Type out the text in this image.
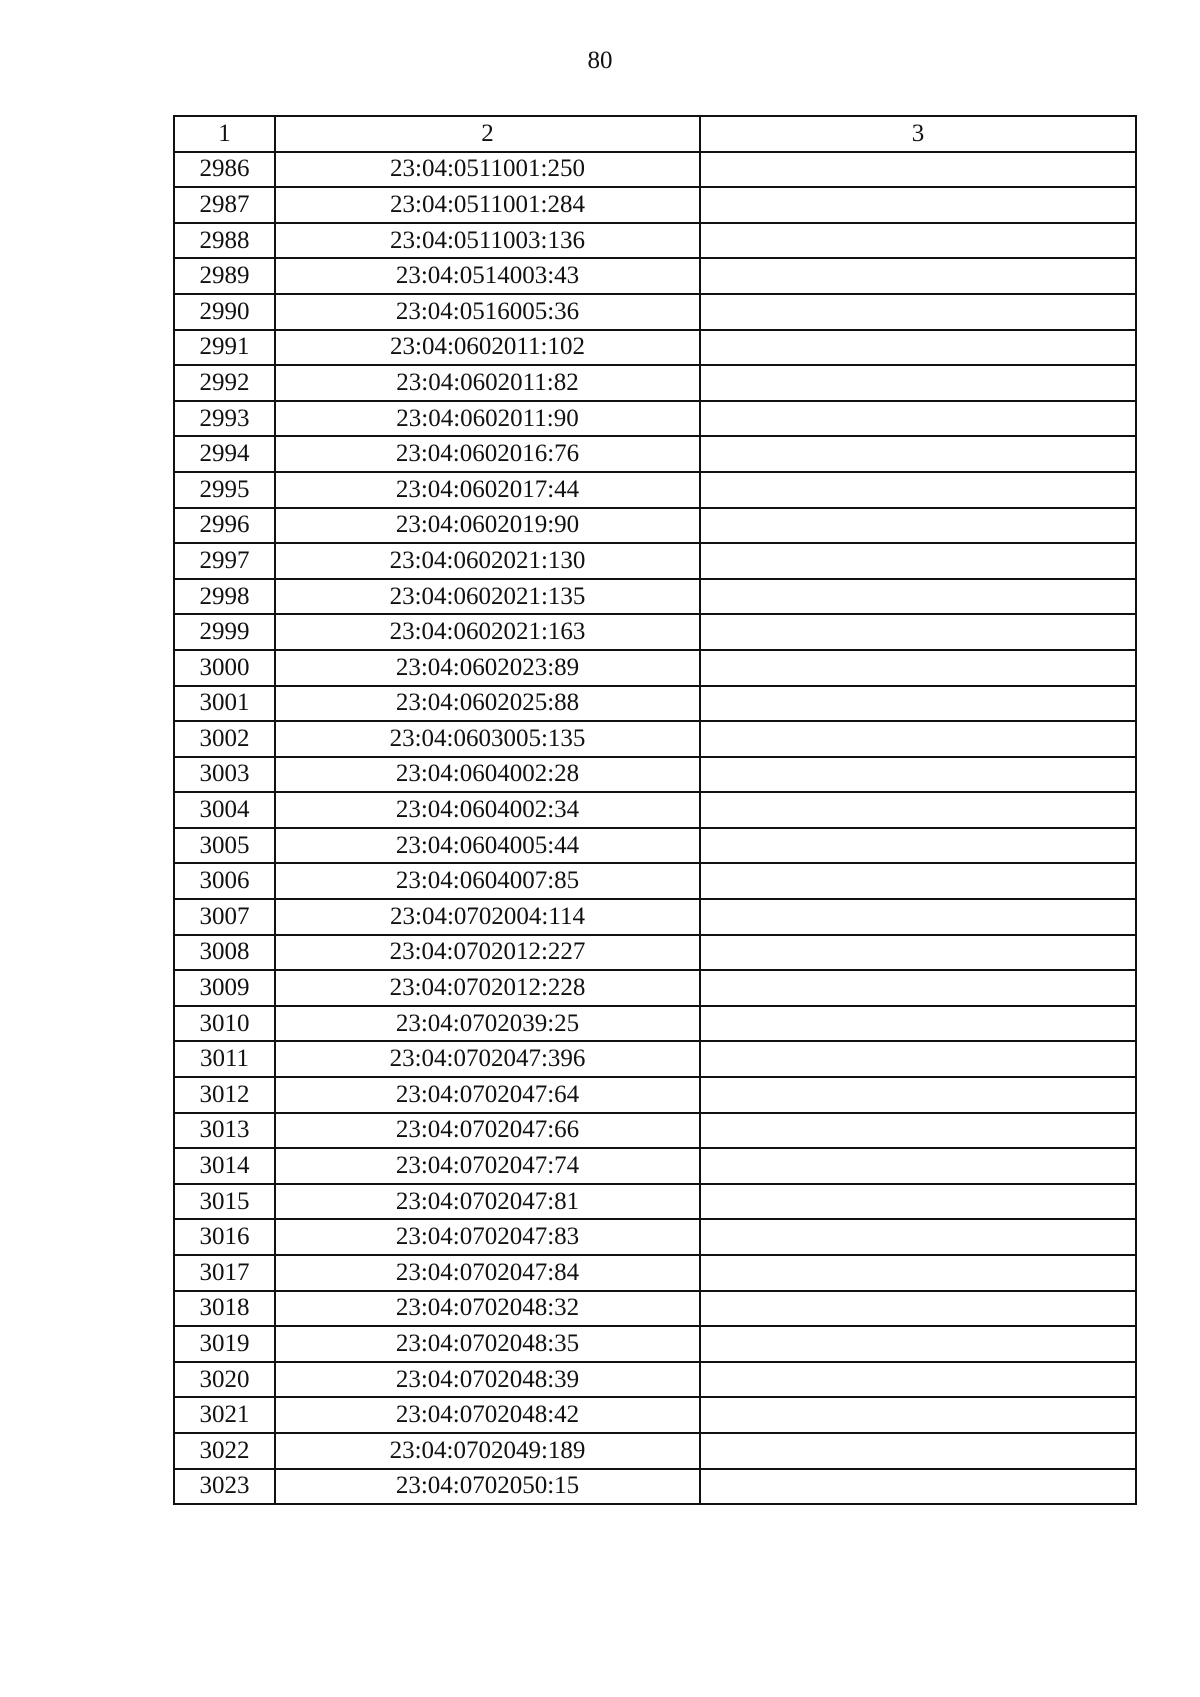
80
1	2	3
2986	23:04:0511001:250	
2987	23:04:0511001:284	
2988	23:04:0511003:136	
2989	23:04:0514003:43	
2990	23:04:0516005:36	
2991	23:04:0602011:102	
2992	23:04:0602011:82	
2993	23:04:0602011:90	
2994	23:04:0602016:76	
2995	23:04:0602017:44	
2996	23:04:0602019:90	
2997	23:04:0602021:130	
2998	23:04:0602021:135	
2999	23:04:0602021:163	
3000	23:04:0602023:89	
3001	23:04:0602025:88	
3002	23:04:0603005:135	
3003	23:04:0604002:28	
3004	23:04:0604002:34	
3005	23:04:0604005:44	
3006	23:04:0604007:85	
3007	23:04:0702004:114	
3008	23:04:0702012:227	
3009	23:04:0702012:228	
3010	23:04:0702039:25	
3011	23:04:0702047:396	
3012	23:04:0702047:64	
3013	23:04:0702047:66	
3014	23:04:0702047:74	
3015	23:04:0702047:81	
3016	23:04:0702047:83	
3017	23:04:0702047:84	
3018	23:04:0702048:32	
3019	23:04:0702048:35	
3020	23:04:0702048:39	
3021	23:04:0702048:42	
3022	23:04:0702049:189	
3023	23:04:0702050:15	
